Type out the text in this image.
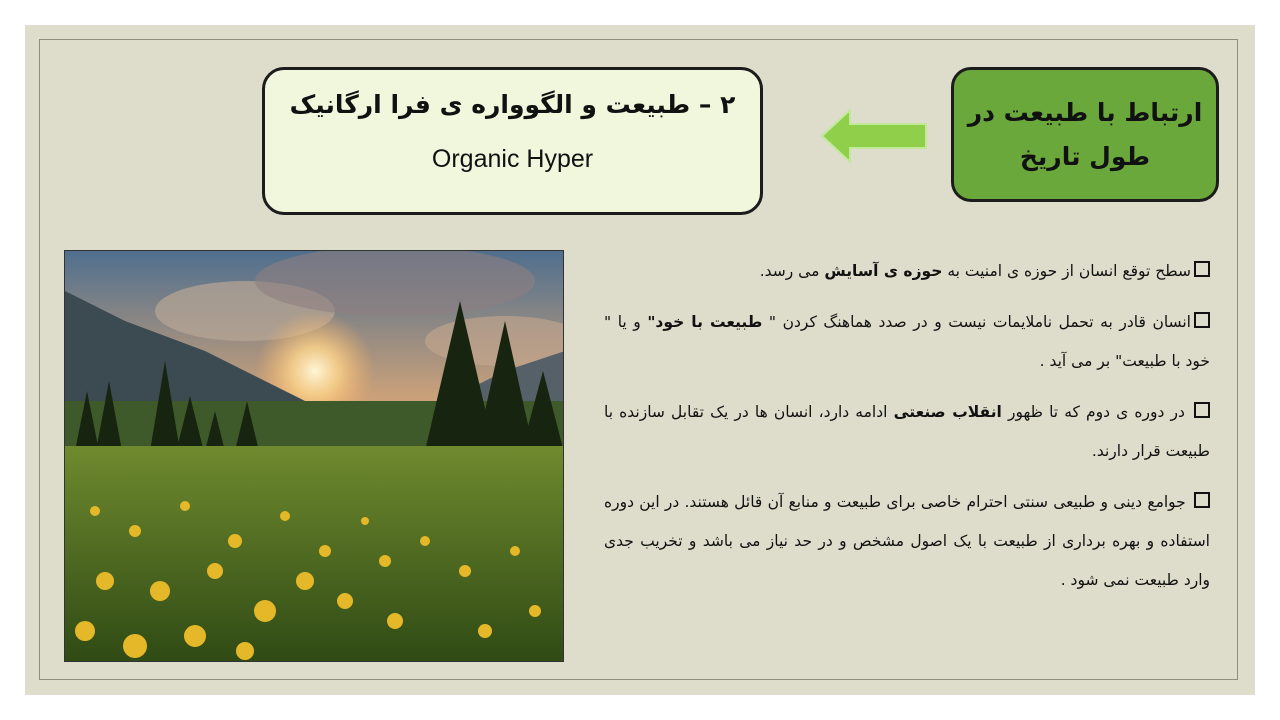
ارتباط با طبیعت در
طول تاریخ
۲ – طبیعت و الگوواره ی فرا ارگانیک
Organic Hyper

سطح توقع انسان از حوزه ی امنیت به حوزه ی آسایش می رسد.

انسان قادر به تحمل ناملایمات نیست و در صدد هماهنگ کردن " طبیعت با خود" و یا " خود با طبیعت" بر می آید .

در دوره ی دوم که تا ظهور انقلاب صنعتی ادامه دارد، انسان ها در یک تقابل سازنده با طبیعت قرار دارند.

جوامع دینی و طبیعی سنتی احترام خاصی برای طبیعت و منابع آن قائل هستند. در این دوره استفاده و بهره برداری از طبیعت با یک اصول مشخص و در حد نیاز می باشد و تخریب جدی وارد طبیعت نمی شود .
